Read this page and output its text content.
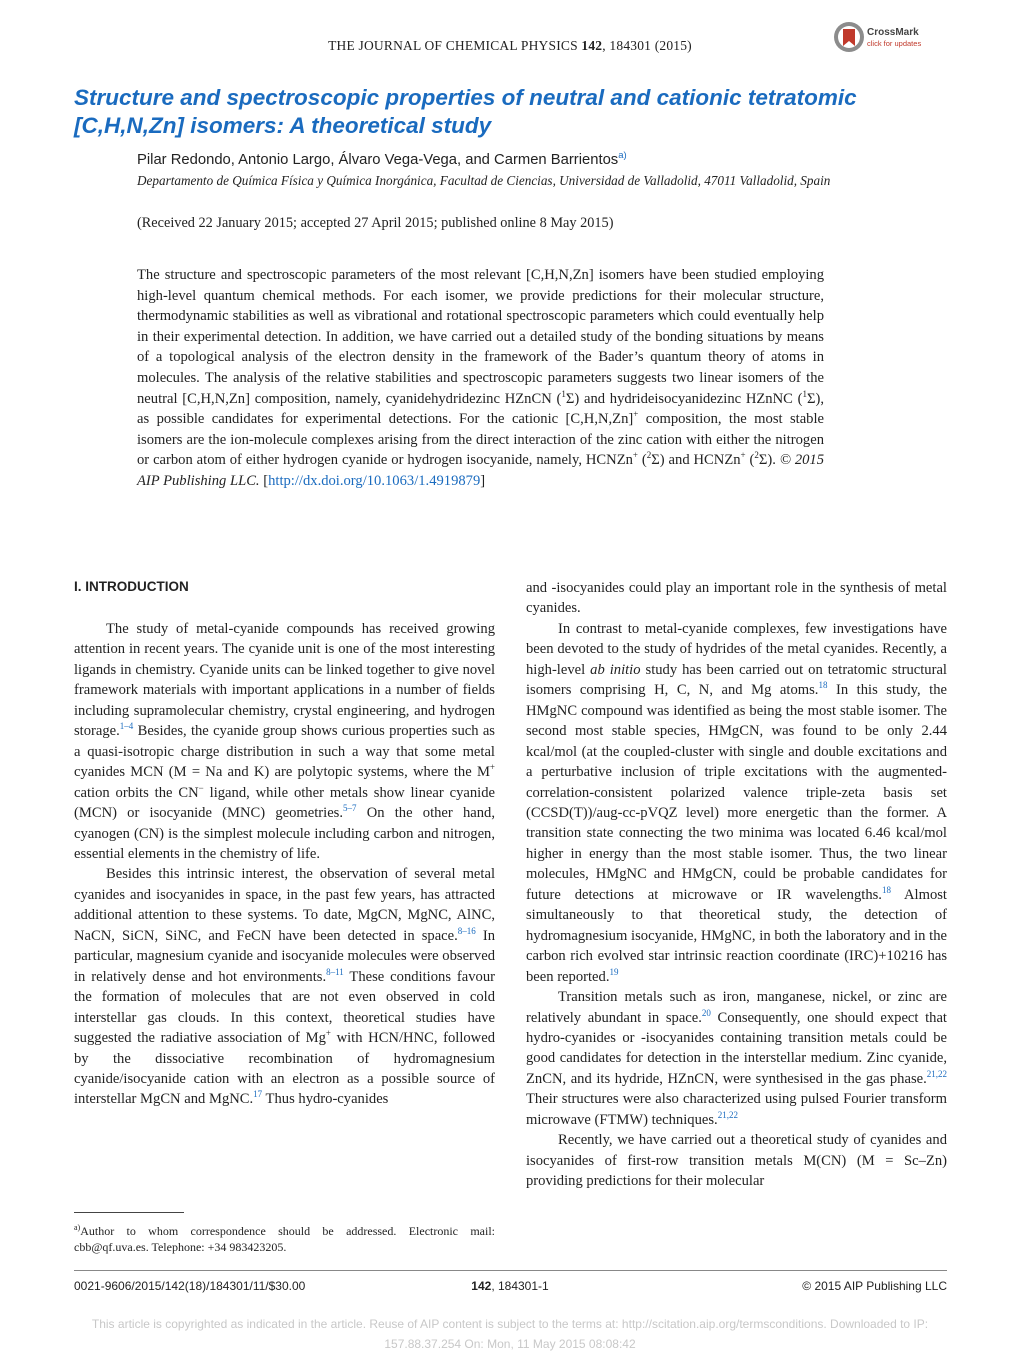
THE JOURNAL OF CHEMICAL PHYSICS 142, 184301 (2015)
CrossMark
click for updates
Structure and spectroscopic properties of neutral and cationic tetratomic [C,H,N,Zn] isomers: A theoretical study
Pilar Redondo, Antonio Largo, Álvaro Vega-Vega, and Carmen Barrientos$^{a)}$
Departamento de Química Física y Química Inorgánica, Facultad de Ciencias, Universidad de Valladolid, 47011 Valladolid, Spain
(Received 22 January 2015; accepted 27 April 2015; published online 8 May 2015)
The structure and spectroscopic parameters of the most relevant [C,H,N,Zn] isomers have been studied employing high-level quantum chemical methods. For each isomer, we provide predictions for their molecular structure, thermodynamic stabilities as well as vibrational and rotational spectroscopic parameters which could eventually help in their experimental detection. In addition, we have carried out a detailed study of the bonding situations by means of a topological analysis of the electron density in the framework of the Bader’s quantum theory of atoms in molecules. The analysis of the relative stabilities and spectroscopic parameters suggests two linear isomers of the neutral [C,H,N,Zn] composition, namely, cyanidehydridezinc HZnCN ($^1$Σ) and hydrideisocyanidezinc HZnNC ($^1$Σ), as possible candidates for experimental detections. For the cationic [C,H,N,Zn]+ composition, the most stable isomers are the ion-molecule complexes arising from the direct interaction of the zinc cation with either the nitrogen or carbon atom of either hydrogen cyanide or hydrogen isocyanide, namely, HCNZn+ ($^2$Σ) and HCNZn+ ($^2$Σ). © 2015 AIP Publishing LLC. [http://dx.doi.org/10.1063/1.4919879]
I. INTRODUCTION

The study of metal-cyanide compounds has received growing attention in recent years. The cyanide unit is one of the most interesting ligands in chemistry. Cyanide units can be linked together to give novel framework materials with important applications in a number of fields including supramolecular chemistry, crystal engineering, and hydrogen storage.$^{1-4}$ Besides, the cyanide group shows curious properties such as a quasi-isotropic charge distribution in such a way that some metal cyanides MCN (M = Na and K) are polytopic systems, where the M+ cation orbits the CN− ligand, while other metals show linear cyanide (MCN) or isocyanide (MNC) geometries.$^{5-7}$ On the other hand, cyanogen (CN) is the simplest molecule including carbon and nitrogen, essential elements in the chemistry of life.

Besides this intrinsic interest, the observation of several metal cyanides and isocyanides in space, in the past few years, has attracted additional attention to these systems. To date, MgCN, MgNC, AlNC, NaCN, SiCN, SiNC, and FeCN have been detected in space.$^{8-16}$ In particular, magnesium cyanide and isocyanide molecules were observed in relatively dense and hot environments.$^{8-11}$ These conditions favour the formation of molecules that are not even observed in cold interstellar gas clouds. In this context, theoretical studies have suggested the radiative association of Mg+ with HCN/HNC, followed by the dissociative recombination of hydromagnesium cyanide/isocyanide cation with an electron as a possible source of interstellar MgCN and MgNC.$^{17}$ Thus hydro-cyanides

$^{a)}$Author to whom correspondence should be addressed. Electronic mail: cbb@qf.uva.es. Telephone: +34 983423205.

and -isocyanides could play an important role in the synthesis of metal cyanides.

In contrast to metal-cyanide complexes, few investigations have been devoted to the study of hydrides of the metal cyanides. Recently, a high-level ab initio study has been carried out on tetratomic structural isomers comprising H, C, N, and Mg atoms.$^{18}$ In this study, the HMgNC compound was identified as being the most stable isomer. The second most stable species, HMgCN, was found to be only 2.44 kcal/mol (at the coupled-cluster with single and double excitations and a perturbative inclusion of triple excitations with the augmented-correlation-consistent polarized valence triple-zeta basis set (CCSD(T))/aug-cc-pVQZ level) more energetic than the former. A transition state connecting the two minima was located 6.46 kcal/mol higher in energy than the most stable isomer. Thus, the two linear molecules, HMgNC and HMgCN, could be probable candidates for future detections at microwave or IR wavelengths.$^{18}$ Almost simultaneously to that theoretical study, the detection of hydromagnesium isocyanide, HMgNC, in both the laboratory and in the carbon rich evolved star intrinsic reaction coordinate (IRC)+10216 has been reported.$^{19}$

Transition metals such as iron, manganese, nickel, or zinc are relatively abundant in space.$^{20}$ Consequently, one should expect that hydro-cyanides or -isocyanides containing transition metals could be good candidates for detection in the interstellar medium. Zinc cyanide, ZnCN, and its hydride, HZnCN, were synthesised in the gas phase.$^{21,22}$ Their structures were also characterized using pulsed Fourier transform microwave (FTMW) techniques.$^{21,22}$

Recently, we have carried out a theoretical study of cyanides and isocyanides of first-row transition metals M(CN) (M = Sc–Zn) providing predictions for their molecular

0021-9606/2015/142(18)/184301/11/$30.00	142, 184301-1	© 2015 AIP Publishing LLC
This article is copyrighted as indicated in the article. Reuse of AIP content is subject to the terms at: http://scitation.aip.org/termsconditions. Downloaded to IP:
157.88.37.254 On: Mon, 11 May 2015 08:08:42
